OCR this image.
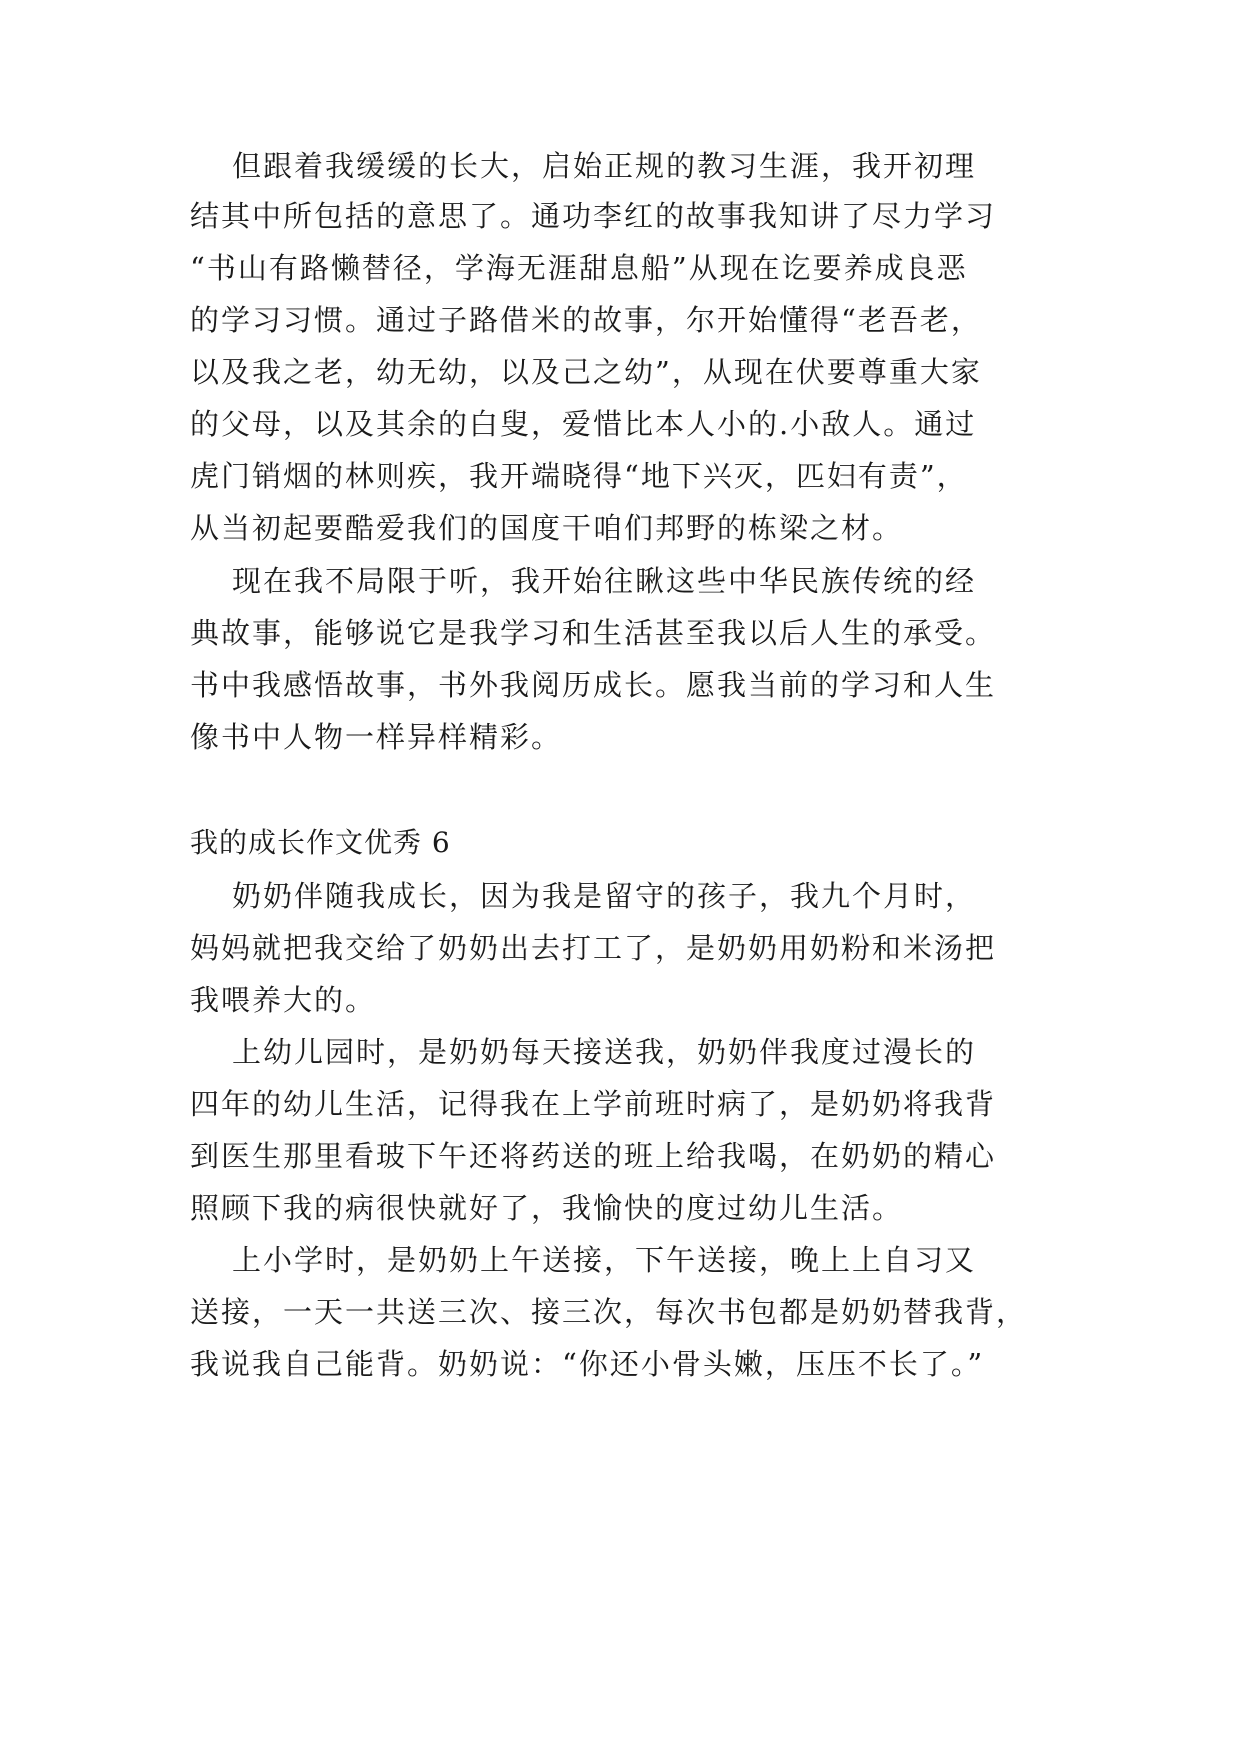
但跟着我缓缓的长大，启始正规的教习生涯，我开初理
结其中所包括的意思了。通功李红的故事我知讲了尽力学习
“书山有路懒替径，学海无涯甜息船”从现在讫要养成良恶
的学习习惯。通过子路借米的故事，尔开始懂得“老吾老，
以及我之老，幼无幼，以及己之幼”，从现在伏要尊重大家
的父母，以及其余的白叟，爱惜比本人小的.小敌人。通过
虎门销烟的林则疾，我开端晓得“地下兴灭，匹妇有责”，
从当初起要酷爱我们的国度干咱们邦野的栋梁之材。
现在我不局限于听，我开始往瞅这些中华民族传统的经
典故事，能够说它是我学习和生活甚至我以后人生的承受。
书中我感悟故事，书外我阅历成长。愿我当前的学习和人生
像书中人物一样异样精彩。
我的成长作文优秀 6
奶奶伴随我成长，因为我是留守的孩子，我九个月时，
妈妈就把我交给了奶奶出去打工了，是奶奶用奶粉和米汤把
我喂养大的。
上幼儿园时，是奶奶每天接送我，奶奶伴我度过漫长的
四年的幼儿生活，记得我在上学前班时病了，是奶奶将我背
到医生那里看玻下午还将药送的班上给我喝，在奶奶的精心
照顾下我的病很快就好了，我愉快的度过幼儿生活。
上小学时，是奶奶上午送接，下午送接，晚上上自习又
送接，一天一共送三次、接三次，每次书包都是奶奶替我背，
我说我自己能背。奶奶说：“你还小骨头嫩，压压不长了。”
